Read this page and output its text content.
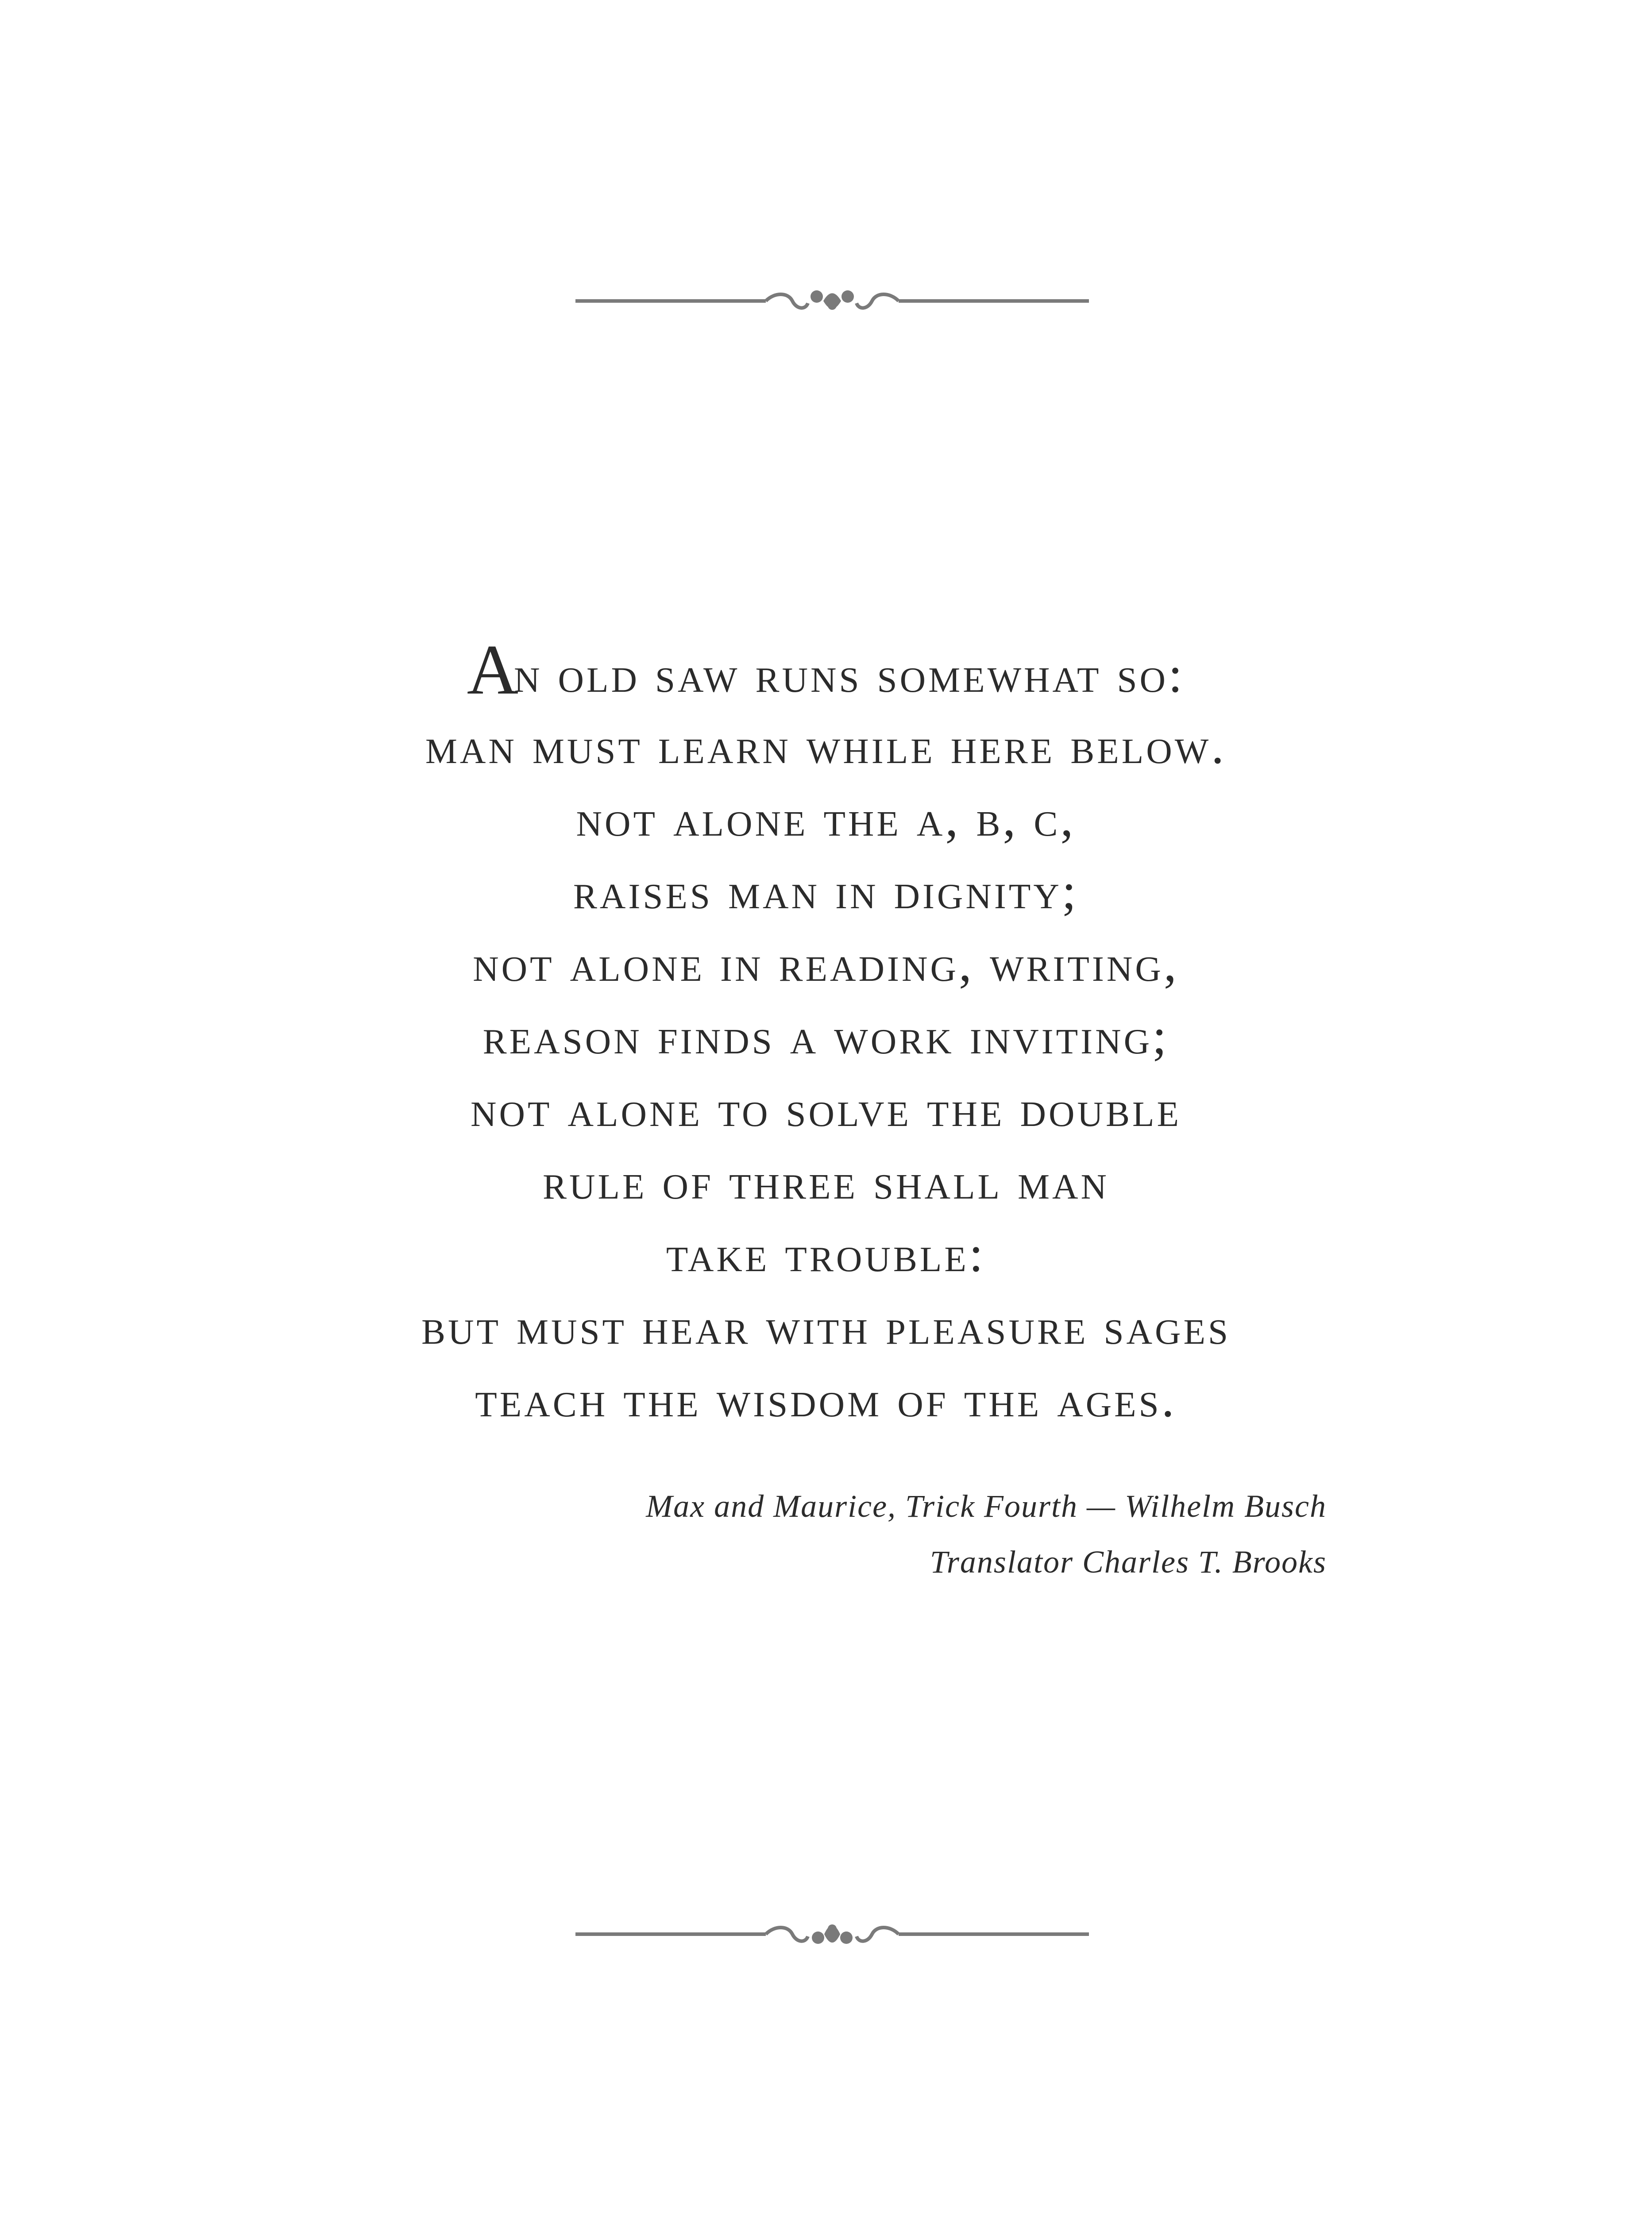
an old saw runs somewhat so:
man must learn while here below.
not alone the a, b, c,
raises man in dignity;
not alone in reading, writing,
reason finds a work inviting;
not alone to solve the double
rule of three shall man
take trouble:
but must hear with pleasure sages
teach the wisdom of the ages.
Max and Maurice, Trick Fourth — Wilhelm Busch
Translator Charles T. Brooks
